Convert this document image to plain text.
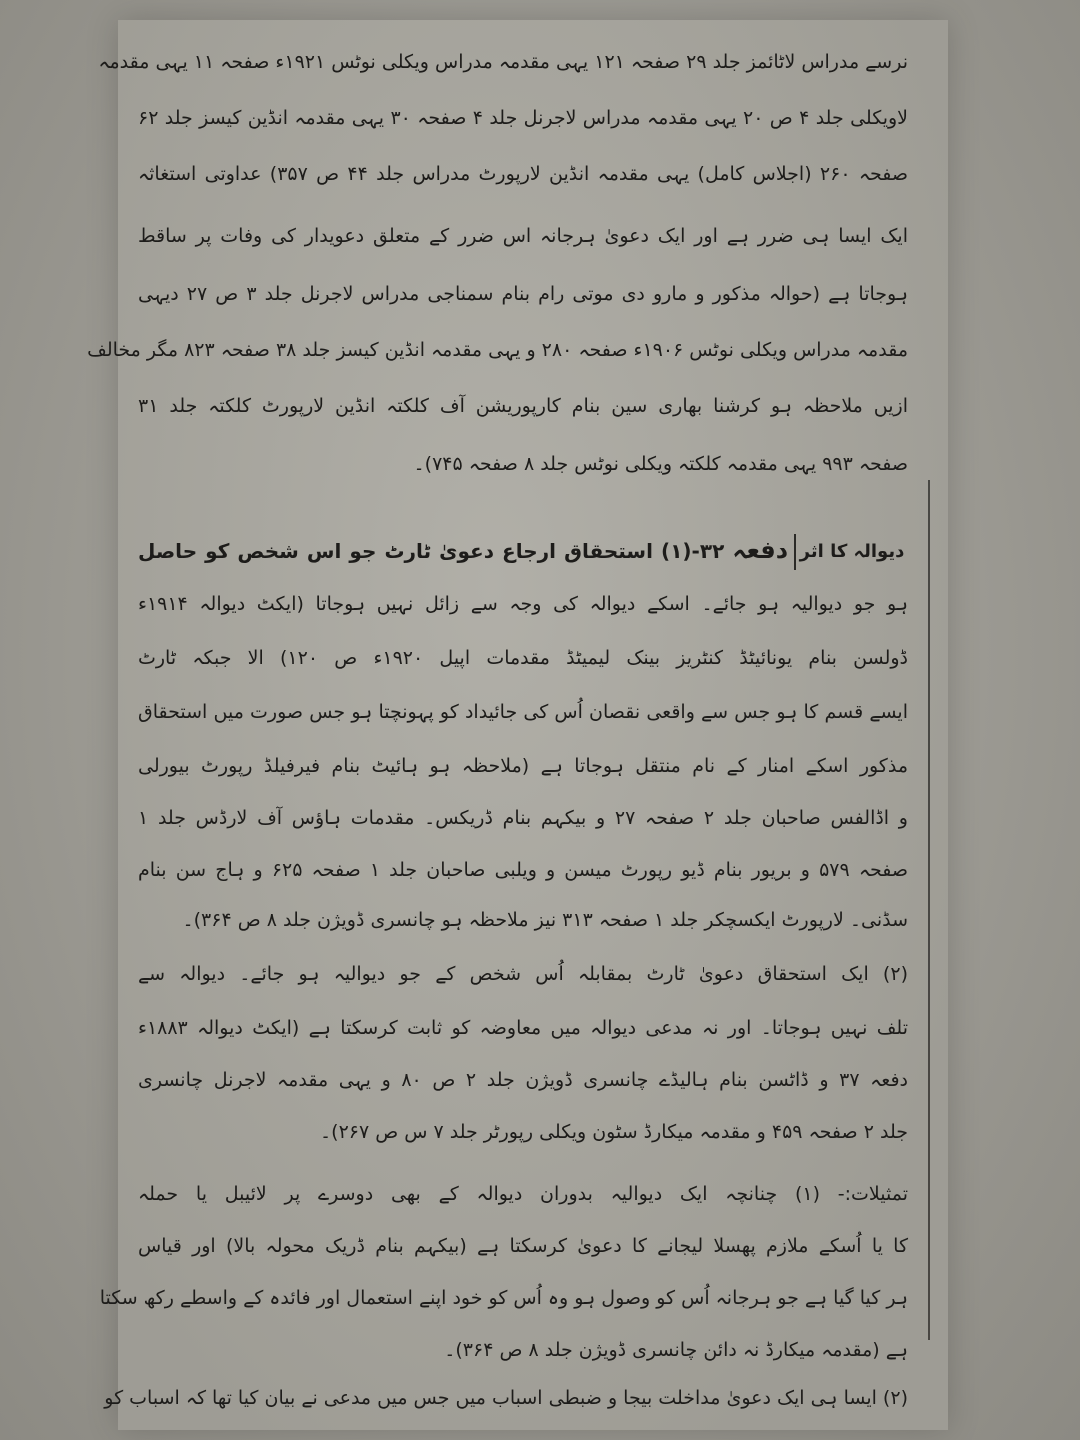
نرسے مدراس لاٹائمز جلد ۲۹ صفحہ ۱۲۱ یہی مقدمہ مدراس ویکلی نوٹس ۱۹۲۱ء صفحہ ۱۱ یہی مقدمہ
لاویکلی جلد ۴ ص ۲۰ یہی مقدمہ مدراس لاجرنل جلد ۴ صفحہ ۳۰ یہی مقدمہ انڈین کیسز جلد ۶۲
صفحہ ۲۶۰ (اجلاس کامل) یہی مقدمہ انڈین لارپورٹ مدراس جلد ۴۴ ص ۳۵۷) عداوتی استغاثہ
ایک ایسا ہی ضرر ہے اور ایک دعویٰ ہرجانہ اس ضرر کے متعلق دعویدار کی وفات پر ساقط
ہوجاتا ہے (حوالہ مذکور و مارو دی موتی رام بنام سمناجی مدراس لاجرنل جلد ۳ ص ۲۷ دیہی
مقدمہ مدراس ویکلی نوٹس ۱۹۰۶ء صفحہ ۲۸۰ و یہی مقدمہ انڈین کیسز جلد ۳۸ صفحہ ۸۲۳ مگر مخالف
ازیں ملاحظہ ہو کرشنا بھاری سین بنام کارپوریشن آف کلکتہ انڈین لارپورٹ کلکتہ جلد ۳۱
صفحہ ۹۹۳ یہی مقدمہ کلکتہ ویکلی نوٹس جلد ۸ صفحہ ۷۴۵)۔
دیوالہ کا اثر
دفعہ ۳۲-(۱) استحقاق ارجاع دعویٰ ٹارٹ جو اس شخص کو حاصل
ہو جو دیوالیہ ہو جائے۔ اسکے دیوالہ کی وجہ سے زائل نہیں ہوجاتا (ایکٹ دیوالہ ۱۹۱۴ء
ڈولسن بنام یونائیٹڈ کنٹریز بینک لیمیٹڈ مقدمات اپیل ۱۹۲۰ء ص ۱۲۰) الا جبکہ ٹارٹ
ایسے قسم کا ہو جس سے واقعی نقصان اُس کی جائیداد کو پہونچتا ہو جس صورت میں استحقاق
مذکور اسکے امنار کے نام منتقل ہوجاتا ہے (ملاحظہ ہو ہائیٹ بنام فیرفیلڈ رپورٹ بیورلی
و اڈالفس صاحبان جلد ۲ صفحہ ۲۷ و بیکہم بنام ڈریکس۔ مقدمات ہاؤس آف لارڈس جلد ۱
صفحہ ۵۷۹ و بریور بنام ڈیو رپورٹ میسن و ویلبی صاحبان جلد ۱ صفحہ ۶۲۵ و ہاج سن بنام
سڈنی۔ لارپورٹ ایکسچکر جلد ۱ صفحہ ۳۱۳ نیز ملاحظہ ہو چانسری ڈویژن جلد ۸ ص ۳۶۴)۔
(۲) ایک استحقاق دعویٰ ٹارٹ بمقابلہ اُس شخص کے جو دیوالیہ ہو جائے۔ دیوالہ سے
تلف نہیں ہوجاتا۔ اور نہ مدعی دیوالہ میں معاوضہ کو ثابت کرسکتا ہے (ایکٹ دیوالہ ۱۸۸۳ء
دفعہ ۳۷ و ڈاٹسن بنام ہالیڈے چانسری ڈویژن جلد ۲ ص ۸۰ و یہی مقدمہ لاجرنل چانسری
جلد ۲ صفحہ ۴۵۹ و مقدمہ میکارڈ سٹون ویکلی رپورٹر جلد ۷ س ص ۲۶۷)۔
تمثیلات:- (۱) چنانچہ ایک دیوالیہ بدوران دیوالہ کے بھی دوسرے پر لائیبل یا حملہ
کا یا اُسکے ملازم پھسلا لیجانے کا دعویٰ کرسکتا ہے (بیکہم بنام ڈریک محولہ بالا) اور قیاس
ہر کیا گیا ہے جو ہرجانہ اُس کو وصول ہو وہ اُس کو خود اپنے استعمال اور فائدہ کے واسطے رکھ سکتا
ہے (مقدمہ میکارڈ نہ دائن چانسری ڈویژن جلد ۸ ص ۳۶۴)۔
(۲) ایسا ہی ایک دعویٰ مداخلت بیجا و ضبطی اسباب میں جس میں مدعی نے بیان کیا تھا کہ اسباب کو
